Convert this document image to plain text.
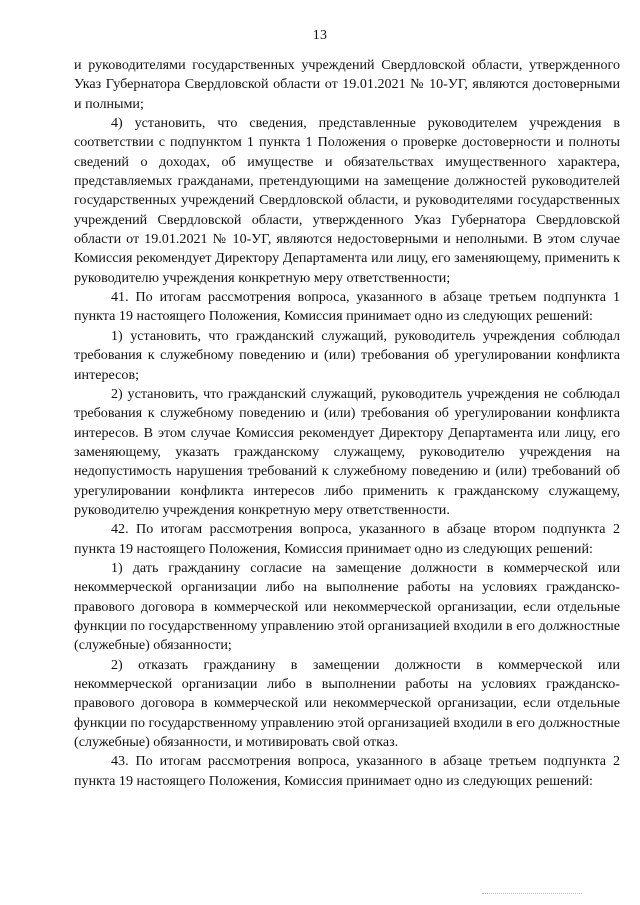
13

и руководителями государственных учреждений Свердловской области, утвержденного Указ Губернатора Свердловской области от 19.01.2021 № 10-УГ, являются достоверными и полными;

4) установить, что сведения, представленные руководителем учреждения в соответствии с подпунктом 1 пункта 1 Положения о проверке достоверности и полноты сведений о доходах, об имуществе и обязательствах имущественного характера, представляемых гражданами, претендующими на замещение должностей руководителей государственных учреждений Свердловской области, и руководителями государственных учреждений Свердловской области, утвержденного Указ Губернатора Свердловской области от 19.01.2021 № 10-УГ, являются недостоверными и неполными. В этом случае Комиссия рекомендует Директору Департамента или лицу, его заменяющему, применить к руководителю учреждения конкретную меру ответственности;

41. По итогам рассмотрения вопроса, указанного в абзаце третьем подпункта 1 пункта 19 настоящего Положения, Комиссия принимает одно из следующих решений:

1) установить, что гражданский служащий, руководитель учреждения соблюдал требования к служебному поведению и (или) требования об урегулировании конфликта интересов;

2) установить, что гражданский служащий, руководитель учреждения не соблюдал требования к служебному поведению и (или) требования об урегулировании конфликта интересов. В этом случае Комиссия рекомендует Директору Департамента или лицу, его заменяющему, указать гражданскому служащему, руководителю учреждения на недопустимость нарушения требований к служебному поведению и (или) требований об урегулировании конфликта интересов либо применить к гражданскому служащему, руководителю учреждения конкретную меру ответственности.

42. По итогам рассмотрения вопроса, указанного в абзаце втором подпункта 2 пункта 19 настоящего Положения, Комиссия принимает одно из следующих решений:

1) дать гражданину согласие на замещение должности в коммерческой или некоммерческой организации либо на выполнение работы на условиях гражданско-правового договора в коммерческой или некоммерческой организации, если отдельные функции по государственному управлению этой организацией входили в его должностные (служебные) обязанности;

2) отказать гражданину в замещении должности в коммерческой или некоммерческой организации либо в выполнении работы на условиях гражданско-правового договора в коммерческой или некоммерческой организации, если отдельные функции по государственному управлению этой организацией входили в его должностные (служебные) обязанности, и мотивировать свой отказ.

43. По итогам рассмотрения вопроса, указанного в абзаце третьем подпункта 2 пункта 19 настоящего Положения, Комиссия принимает одно из следующих решений:
